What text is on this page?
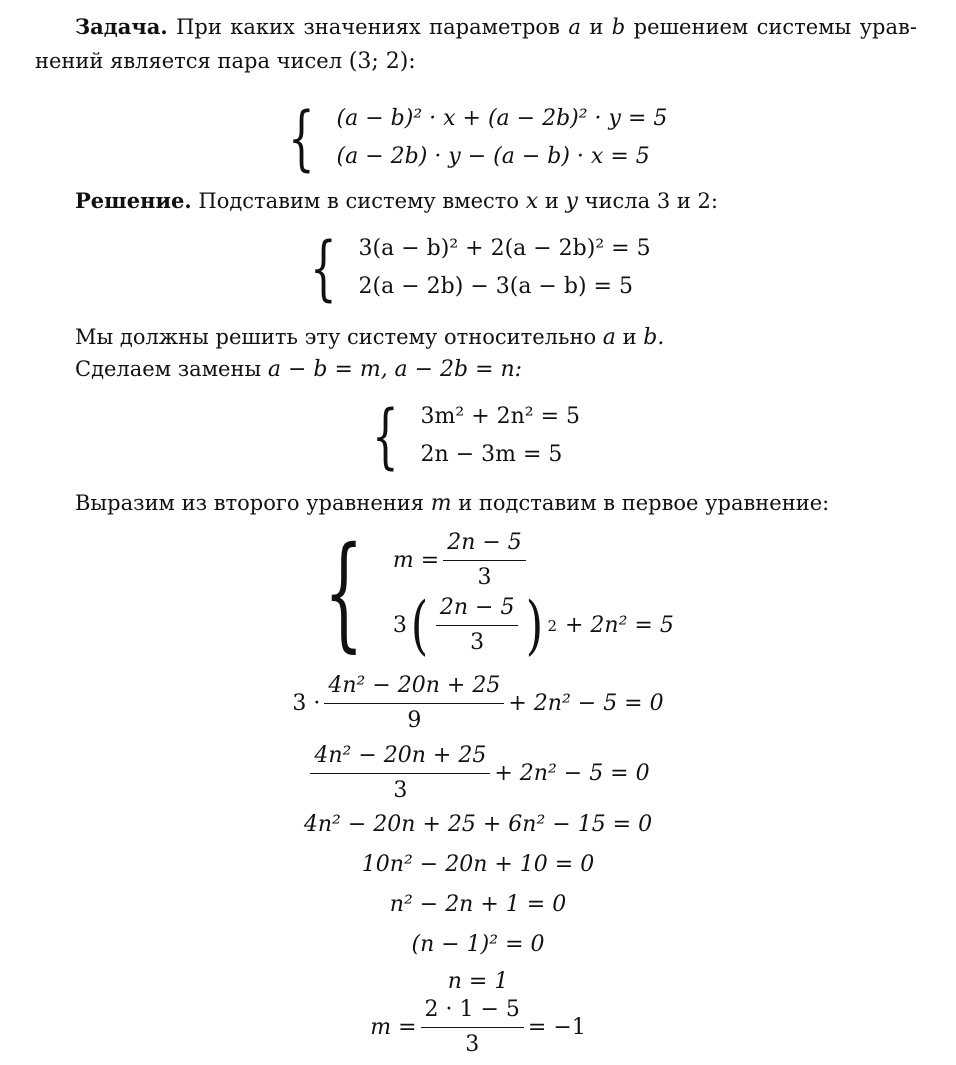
Задача. При каких значениях параметров a и b решением системы урав-
нений является пара чисел (3; 2):
{ (a − b)² · x + (a − 2b)² · y = 5
(a − 2b) · y − (a − b) · x = 5
Решение. Подставим в систему вместо x и y числа 3 и 2:
{ 3(a − b)² + 2(a − 2b)² = 5
2(a − 2b) − 3(a − b) = 5
Мы должны решить эту систему относительно a и b.
Сделаем замены a − b = m, a − 2b = n:
{ 3m² + 2n² = 5
2n − 3m = 5
Выразим из второго уравнения m и подставим в первое уравнение:
{ $m = \frac{2n - 5}{3}$
3 ( $\frac{2n - 5}{3}$ ) 2 + 2n² = 5
$3 \cdot \frac{\text{4n² − 20n + 25}}{9} + 2n^2 - 5 = 0$
$\frac{\text{4n² − 20n + 25}}{3} + 2n^2 - 5 = 0$
4n² − 20n + 25 + 6n² − 15 = 0
10n² − 20n + 10 = 0
n² − 2n + 1 = 0
(n − 1)² = 0
n = 1
$m = \frac{2 \cdot 1 - 5}{3} = -1$
